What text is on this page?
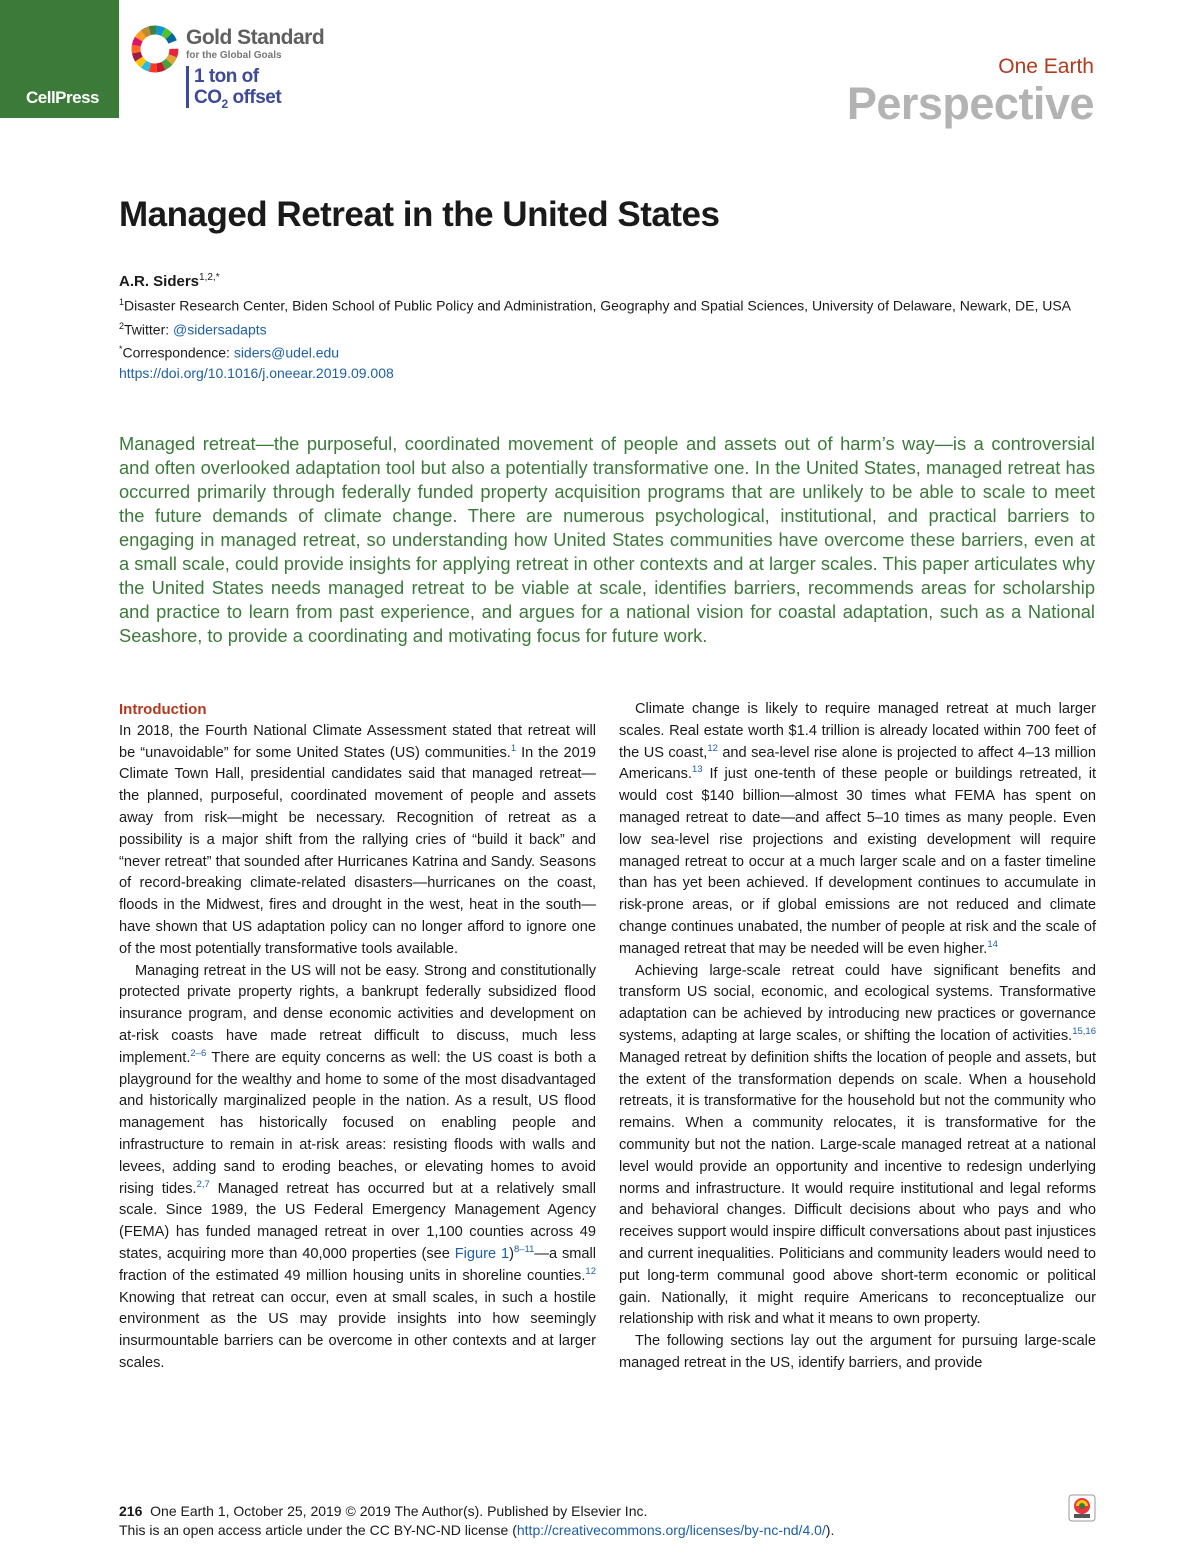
CellPress
Gold Standard
for the Global Goals
1 ton of
$CO_2$ offset
One Earth
Perspective
Managed Retreat in the United States
A.R. Siders$^{1,2,*}$
$^1$Disaster Research Center, Biden School of Public Policy and Administration, Geography and Spatial Sciences, University of Delaware, Newark, DE, USA
$^2$Twitter: @sidersadapts
*Correspondence: siders@udel.edu
https://doi.org/10.1016/j.oneear.2019.09.008
Managed retreat—the purposeful, coordinated movement of people and assets out of harm’s way—is a controversial and often overlooked adaptation tool but also a potentially transformative one. In the United States, managed retreat has occurred primarily through federally funded property acquisition programs that are unlikely to be able to scale to meet the future demands of climate change. There are numerous psychological, institutional, and practical barriers to engaging in managed retreat, so understanding how United States communities have overcome these barriers, even at a small scale, could provide insights for applying retreat in other contexts and at larger scales. This paper articulates why the United States needs managed retreat to be viable at scale, identifies barriers, recommends areas for scholarship and practice to learn from past experience, and argues for a national vision for coastal adaptation, such as a National Seashore, to provide a coordinating and motivating focus for future work.
Introduction

In 2018, the Fourth National Climate Assessment stated that retreat will be “unavoidable” for some United States (US) communities.$^1$ In the 2019 Climate Town Hall, presidential candidates said that managed retreat—the planned, purposeful, coordinated movement of people and assets away from risk—might be necessary. Recognition of retreat as a possibility is a major shift from the rallying cries of “build it back” and “never retreat” that sounded after Hurricanes Katrina and Sandy. Seasons of record-breaking climate-related disasters—hurricanes on the coast, floods in the Midwest, fires and drought in the west, heat in the south—have shown that US adaptation policy can no longer afford to ignore one of the most potentially transformative tools available.

Managing retreat in the US will not be easy. Strong and constitutionally protected private property rights, a bankrupt federally subsidized flood insurance program, and dense economic activities and development on at-risk coasts have made retreat difficult to discuss, much less implement.$^{2-6}$ There are equity concerns as well: the US coast is both a playground for the wealthy and home to some of the most disadvantaged and historically marginalized people in the nation. As a result, US flood management has historically focused on enabling people and infrastructure to remain in at-risk areas: resisting floods with walls and levees, adding sand to eroding beaches, or elevating homes to avoid rising tides.$^{2,7}$ Managed retreat has occurred but at a relatively small scale. Since 1989, the US Federal Emergency Management Agency (FEMA) has funded managed retreat in over 1,100 counties across 49 states, acquiring more than 40,000 properties (see Figure 1)$^{8-11}$—a small fraction of the estimated 49 million housing units in shoreline counties.$^{12}$ Knowing that retreat can occur, even at small scales, in such a hostile environment as the US may provide insights into how seemingly insurmountable barriers can be overcome in other contexts and at larger scales.

Climate change is likely to require managed retreat at much larger scales. Real estate worth $1.4 trillion is already located within 700 feet of the US coast,$^{12}$ and sea-level rise alone is projected to affect 4–13 million Americans.$^{13}$ If just one-tenth of these people or buildings retreated, it would cost $140 billion—almost 30 times what FEMA has spent on managed retreat to date—and affect 5–10 times as many people. Even low sea-level rise projections and existing development will require managed retreat to occur at a much larger scale and on a faster timeline than has yet been achieved. If development continues to accumulate in risk-prone areas, or if global emissions are not reduced and climate change continues unabated, the number of people at risk and the scale of managed retreat that may be needed will be even higher.$^{14}$

Achieving large-scale retreat could have significant benefits and transform US social, economic, and ecological systems. Transformative adaptation can be achieved by introducing new practices or governance systems, adapting at large scales, or shifting the location of activities.$^{15,16}$ Managed retreat by definition shifts the location of people and assets, but the extent of the transformation depends on scale. When a household retreats, it is transformative for the household but not the community who remains. When a community relocates, it is transformative for the community but not the nation. Large-scale managed retreat at a national level would provide an opportunity and incentive to redesign underlying norms and infrastructure. It would require institutional and legal reforms and behavioral changes. Difficult decisions about who pays and who receives support would inspire difficult conversations about past injustices and current inequalities. Politicians and community leaders would need to put long-term communal good above short-term economic or political gain. Nationally, it might require Americans to reconceptualize our relationship with risk and what it means to own property.

The following sections lay out the argument for pursuing large-scale managed retreat in the US, identify barriers, and provide

216 One Earth 1, October 25, 2019 © 2019 The Author(s). Published by Elsevier Inc.
This is an open access article under the CC BY-NC-ND license (http://creativecommons.org/licenses/by-nc-nd/4.0/).
